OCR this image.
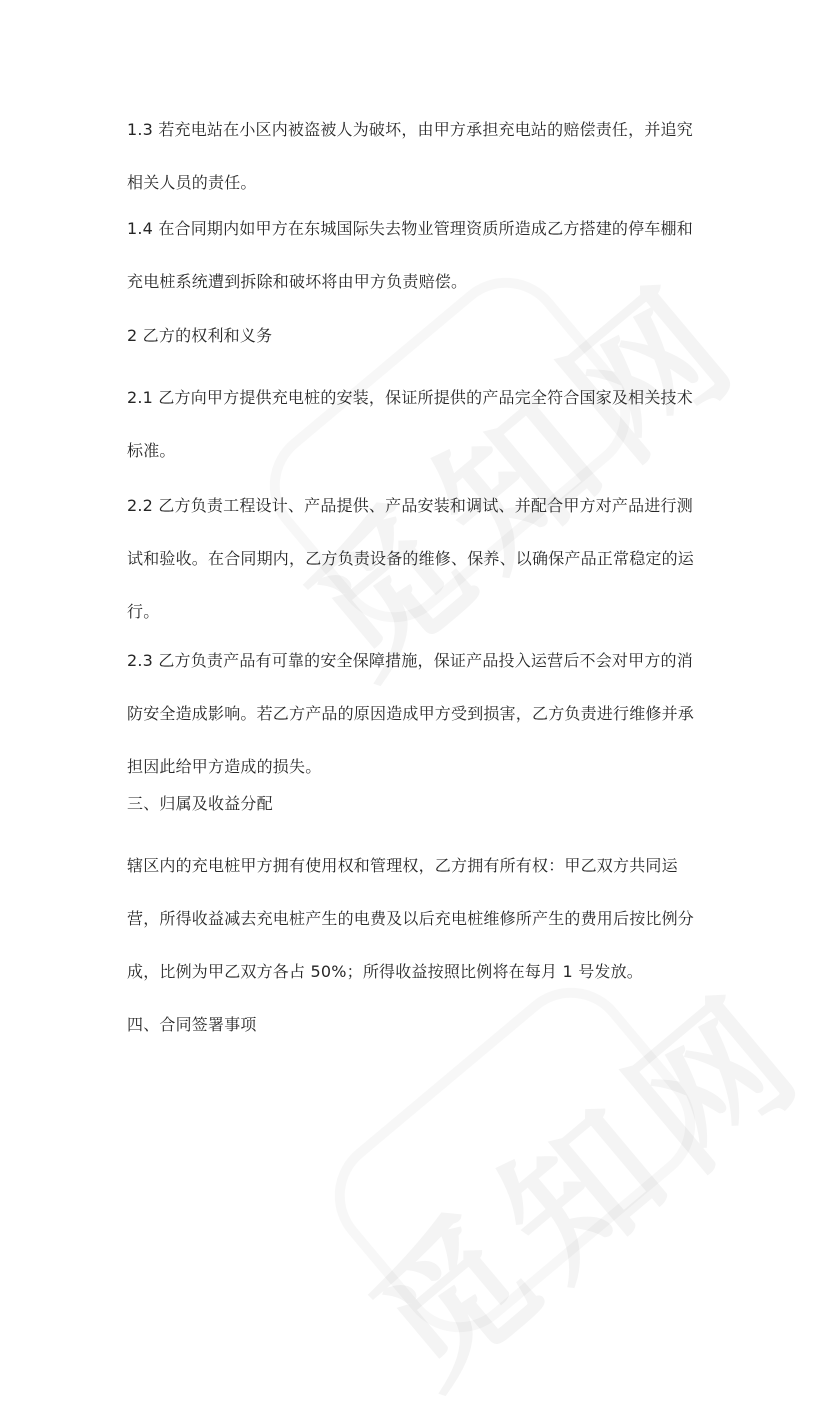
1.3 若充电站在小区内被盗被人为破坏，由甲方承担充电站的赔偿责任，并追究相关人员的责任。

1.4 在合同期内如甲方在东城国际失去物业管理资质所造成乙方搭建的停车棚和充电桩系统遭到拆除和破坏将由甲方负责赔偿。

2 乙方的权利和义务

2.1 乙方向甲方提供充电桩的安装，保证所提供的产品完全符合国家及相关技术标准。

2.2 乙方负责工程设计、产品提供、产品安装和调试、并配合甲方对产品进行测试和验收。在合同期内，乙方负责设备的维修、保养、以确保产品正常稳定的运行。

2.3 乙方负责产品有可靠的安全保障措施，保证产品投入运营后不会对甲方的消防安全造成影响。若乙方产品的原因造成甲方受到损害，乙方负责进行维修并承担因此给甲方造成的损失。

三、归属及收益分配

辖区内的充电桩甲方拥有使用权和管理权，乙方拥有所有权：甲乙双方共同运营，所得收益减去充电桩产生的电费及以后充电桩维修所产生的费用后按比例分成，比例为甲乙双方各占 50%；所得收益按照比例将在每月 1 号发放。

四、合同签署事项
